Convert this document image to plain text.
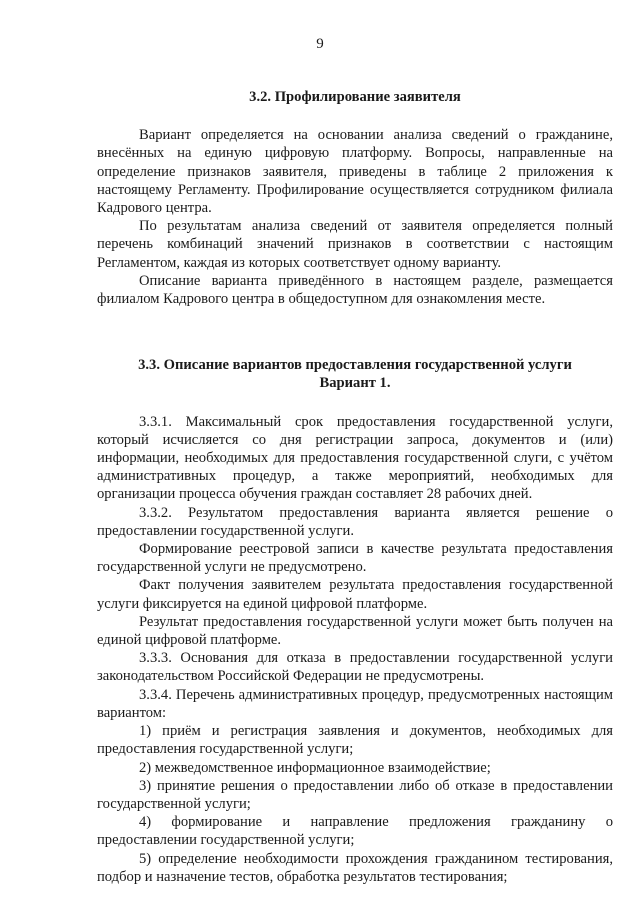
9

3.2. Профилирование заявителя

Вариант определяется на основании анализа сведений о гражданине, внесённых на единую цифровую платформу. Вопросы, направленные на определение признаков заявителя, приведены в таблице 2 приложения к настоящему Регламенту. Профилирование осуществляется сотрудником филиала Кадрового центра.

По результатам анализа сведений от заявителя определяется полный перечень комбинаций значений признаков в соответствии с настоящим Регламентом, каждая из которых соответствует одному варианту.

Описание варианта приведённого в настоящем разделе, размещается филиалом Кадрового центра в общедоступном для ознакомления месте.

3.3. Описание вариантов предоставления государственной услуги

Вариант 1.

3.3.1. Максимальный срок предоставления государственной услуги, который исчисляется со дня регистрации запроса, документов и (или) информации, необходимых для предоставления государственной слуги, с учётом административных процедур, а также мероприятий, необходимых для организации процесса обучения граждан составляет 28 рабочих дней.

3.3.2. Результатом предоставления варианта является решение о предоставлении государственной услуги.

Формирование реестровой записи в качестве результата предоставления государственной услуги не предусмотрено.

Факт получения заявителем результата предоставления государственной услуги фиксируется на единой цифровой платформе.

Результат предоставления государственной услуги может быть получен на единой цифровой платформе.

3.3.3. Основания для отказа в предоставлении государственной услуги законодательством Российской Федерации не предусмотрены.

3.3.4. Перечень административных процедур, предусмотренных настоящим вариантом:

1) приём и регистрация заявления и документов, необходимых для предоставления государственной услуги;

2) межведомственное информационное взаимодействие;

3) принятие решения о предоставлении либо об отказе в предоставлении государственной услуги;

4) формирование и направление предложения гражданину о предоставлении государственной услуги;

5) определение необходимости прохождения гражданином тестирования, подбор и назначение тестов, обработка результатов тестирования;
